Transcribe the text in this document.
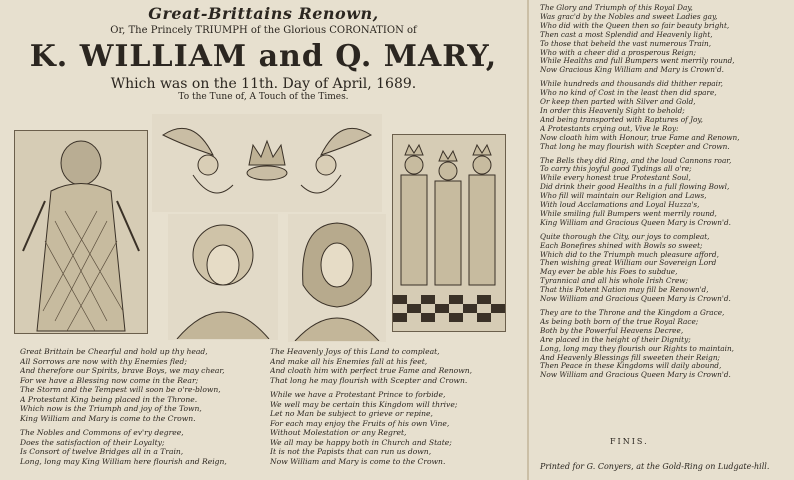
Great-Brittains Renown,
Or, The Princely TRIUMPH of the Glorious CORONATION of
K. WILLIAM and Q. MARY,
Which was on the 11th. Day of April, 1689.
To the Tune of, A Touch of the Times.
Great Brittain be Chearful and hold up thy head,
All Sorrows are now with thy Enemies fled;
And therefore our Spirits, brave Boys, we may chear,
For we have a Blessing now come in the Rear;
The Storm and the Tempest will soon be o're-blown,
A Protestant King being placed in the Throne.
Which now is the Triumph and joy of the Town,
King William and Mary is come to the Crown.
The Nobles and Commons of ev'ry degree,
Does the satisfaction of their Loyalty;
Is Consort of twelve Bridges all in a Train,
Long, long may King William here flourish and Reign,
The Heavenly Joys of this Land to compleat,
And make all his Enemies fall at his feet,
And cloath him with perfect true Fame and Renown,
That long he may flourish with Scepter and Crown.
While we have a Protestant Prince to forbide,
We well may be certain this Kingdom will thrive;
Let no Man be subject to grieve or repine,
For each may enjoy the Fruits of his own Vine,
Without Molestation or any Regret,
We all may be happy both in Church and State;
It is not the Papists that can run us down,
Now William and Mary is come to the Crown.
The Glory and Triumph of this Royal Day,
Was grac'd by the Nobles and sweet Ladies gay,
Who did with the Queen then so fair beauty bright,
Then cast a most Splendid and Heavenly light,
To those that beheld the vast numerous Train,
Who with a cheer did a prosperous Reign;
While Healths and full Bumpers went merrily round,
Now Gracious King William and Mary is Crown'd.
While hundreds and thousands did thither repair,
Who no kind of Cost in the least then did spare,
Or keep then parted with Silver and Gold,
In order this Heavenly Sight to behold;
And being transported with Raptures of Joy,
A Protestants crying out, Vive le Roy:
Now cloath him with Honour, true Fame and Renown,
That long he may flourish with Scepter and Crown.
The Bells they did Ring, and the loud Cannons roar,
To carry this joyful good Tydings all o're;
While every honest true Protestant Soul,
Did drink their good Healths in a full flowing Bowl,
Who fill will maintain our Religion and Laws,
With loud Acclamations and Loyal Huzza's,
While smiling full Bumpers went merrily round,
King William and Gracious Queen Mary is Crown'd.
Quite thorough the City, our joys to compleat,
Each Bonefires shined with Bowls so sweet;
Which did to the Triumph much pleasure afford,
Then wishing great William our Sovereign Lord
May ever be able his Foes to subdue,
Tyrannical and all his whole Irish Crew;
That this Potent Nation may fill be Renown'd,
Now William and Gracious Queen Mary is Crown'd.
They are to the Throne and the Kingdom a Grace,
As being both born of the true Royal Race;
Both by the Powerful Heavens Decree,
Are placed in the height of their Dignity;
Long, long may they flourish our Rights to maintain,
And Heavenly Blessings fill sweeten their Reign;
Then Peace in these Kingdoms will daily abound,
Now William and Gracious Queen Mary is Crown'd.
FINIS.
Printed for G. Conyers, at the Gold-Ring on Ludgate-hill.
